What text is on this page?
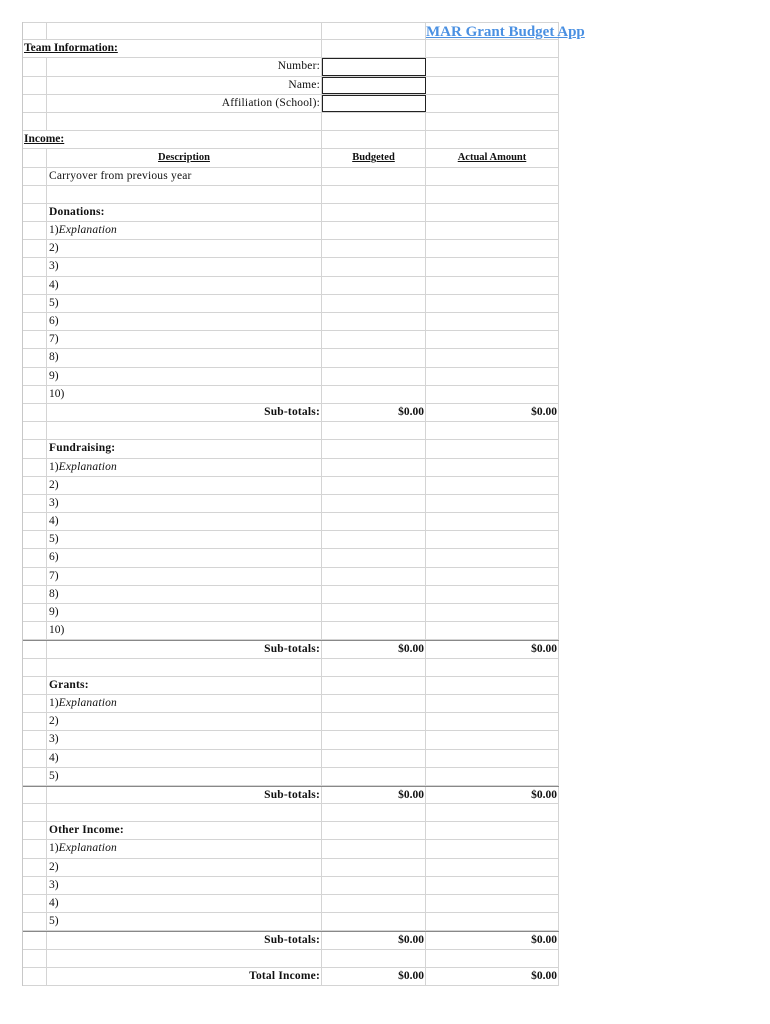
MAR Grant Budget App
Team Information:
Number:
Name:
Affiliation (School):
Income:
Description	Budgeted	Actual Amount
Carryover from previous year
Donations:
1)Explanation
2)
3)
4)
5)
6)
7)
8)
9)
10)
Sub-totals:	$0.00	$0.00
Fundraising:
1)Explanation
2)
3)
4)
5)
6)
7)
8)
9)
10)
Sub-totals:	$0.00	$0.00
Grants:
1)Explanation
2)
3)
4)
5)
Sub-totals:	$0.00	$0.00
Other Income:
1)Explanation
2)
3)
4)
5)
Sub-totals:	$0.00	$0.00
Total Income:	$0.00	$0.00
